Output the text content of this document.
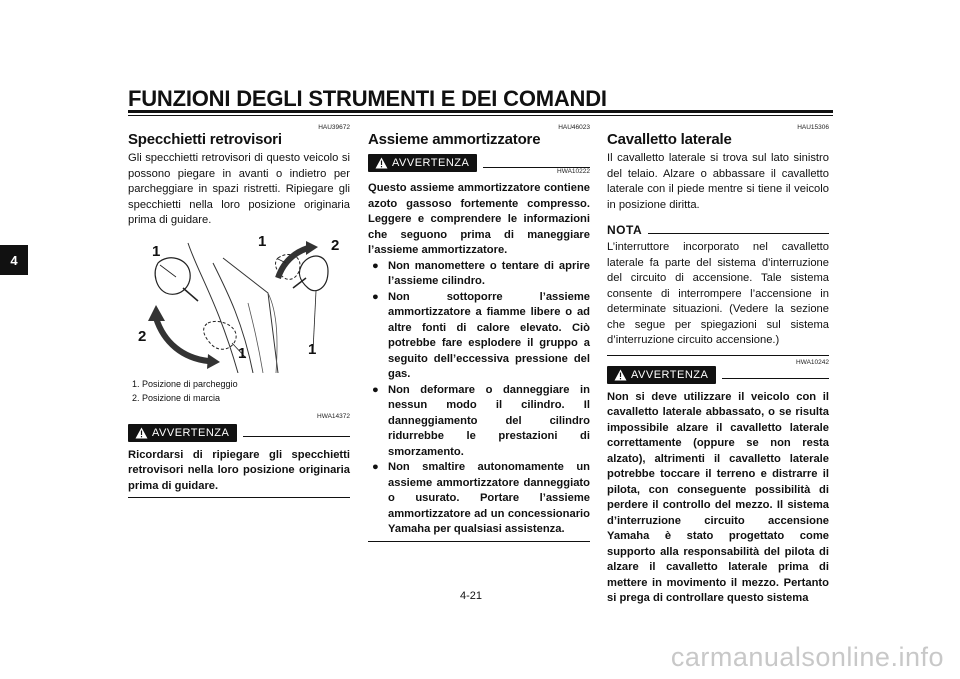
FUNZIONI DEGLI STRUMENTI E DEI COMANDI
4
HAU39672
Specchietti retrovisori

Gli specchietti retrovisori di questo veicolo si possono piegare in avanti o indietro per parcheggiare in spazi ristretti. Ripiegare gli specchietti nella loro posizione originaria prima di guidare.

1
1	2
2
1	1
1. Posizione di parcheggio
2. Posizione di marcia
HWA14372
AVVERTENZA

Ricordarsi di ripiegare gli specchietti retrovisori nella loro posizione originaria prima di guidare.

HAU46023
Assieme ammortizzatore
AVVERTENZA
HWA10222

Questo assieme ammortizzatore contiene azoto gassoso fortemente compresso. Leggere e comprendere le informazioni che seguono prima di maneggiare l’assieme ammortizzatore.

● Non manomettere o tentare di aprire l’assieme cilindro.
● Non sottoporre l’assieme ammortizzatore a fiamme libere o ad altre fonti di calore elevato. Ciò potrebbe fare esplodere il gruppo a seguito dell’eccessiva pressione del gas.
● Non deformare o danneggiare in nessun modo il cilindro. Il danneggiamento del cilindro ridurrebbe le prestazioni di smorzamento.
● Non smaltire autonomamente un assieme ammortizzatore danneggiato o usurato. Portare l’assieme ammortizzatore ad un concessionario Yamaha per qualsiasi assistenza.
HAU15306
Cavalletto laterale

Il cavalletto laterale si trova sul lato sinistro del telaio. Alzare o abbassare il cavalletto laterale con il piede mentre si tiene il veicolo in posizione diritta.

NOTA

L’interruttore incorporato nel cavalletto laterale fa parte del sistema d’interruzione del circuito di accensione. Tale sistema consente di interrompere l’accensione in determinate situazioni. (Vedere la sezione che segue per spiegazioni sul sistema d’interruzione circuito accensione.)

HWA10242
AVVERTENZA

Non si deve utilizzare il veicolo con il cavalletto laterale abbassato, o se risulta impossibile alzare il cavalletto laterale correttamente (oppure se non resta alzato), altrimenti il cavalletto laterale potrebbe toccare il terreno e distrarre il pilota, con conseguente possibilità di perdere il controllo del mezzo. Il sistema d’interruzione circuito accensione Yamaha è stato progettato come supporto alla responsabilità del pilota di alzare il cavalletto laterale prima di mettere in movimento il mezzo. Pertanto si prega di controllare questo sistema

4-21
carmanualsonline.info
